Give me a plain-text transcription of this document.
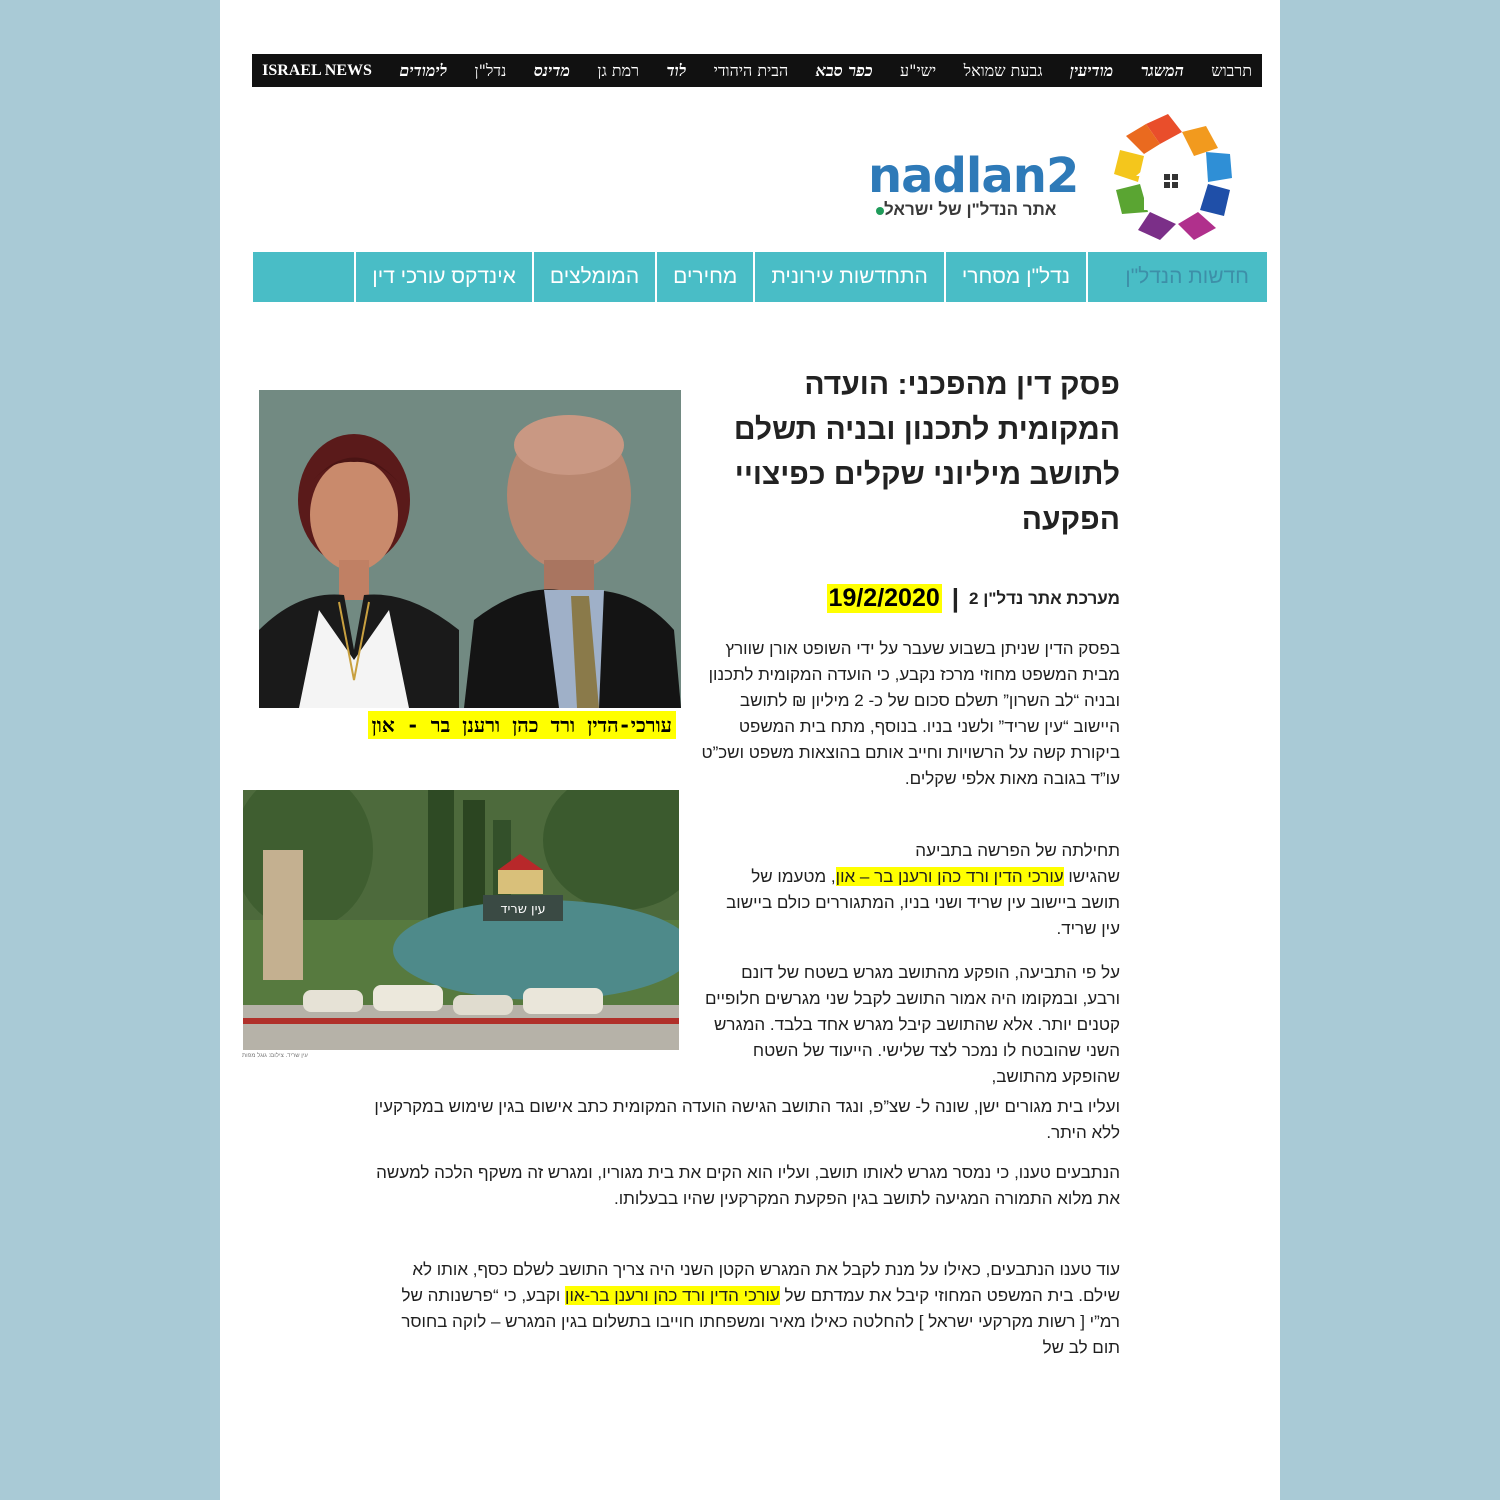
תרבוש
המשגר
מודיעין
גבעת שמואל
ישי"ע
כפר סבא
הבית היהודי
לוד
רמת גן
מדינס
נדל"ן
לימודים
ISRAEL NEWS
nadlan2
אתר הנדל"ן של ישראל
חדשות הנדל"ן
נדל"ן מסחרי
התחדשות עירונית
מחירים
המומלצים
אינדקס עורכי דין
פסק דין מהפכני: הועדה המקומית לתכנון ובניה תשלם לתושב מיליוני שקלים כפיצויי הפקעה
מערכת אתר נדל"ן 2
|
19/2/2020
עורכי-הדין ורד כהן ורענן בר - און
עין שריד
עין שריד. צילום: גוגל מפות

בפסק הדין שניתן בשבוע שעבר על ידי השופט אורן שוורץ מבית המשפט מחוזי מרכז נקבע, כי הועדה המקומית לתכנון ובניה “לב השרון” תשלם סכום של כ- 2 מיליון ₪ לתושב היישוב “עין שריד” ולשני בניו. בנוסף, מתח בית המשפט ביקורת קשה על הרשויות וחייב אותם בהוצאות משפט ושכ”ט עו”ד בגובה מאות אלפי שקלים.

תחילתה של הפרשה בתביעה
שהגישו עורכי הדין ורד כהן ורענן בר – און, מטעמו של תושב ביישוב עין שריד ושני בניו, המתגוררים כולם ביישוב עין שריד.

על פי התביעה, הופקע מהתושב מגרש בשטח של דונם ורבע, ובמקומו היה אמור התושב לקבל שני מגרשים חלופיים קטנים יותר. אלא שהתושב קיבל מגרש אחד בלבד. המגרש השני שהובטח לו נמכר לצד שלישי. הייעוד של השטח שהופקע מהתושב,

ועליו בית מגורים ישן, שונה ל- שצ”פ, ונגד התושב הגישה הועדה המקומית כתב אישום בגין שימוש במקרקעין ללא היתר.

הנתבעים טענו, כי נמסר מגרש לאותו תושב, ועליו הוא הקים את בית מגוריו, ומגרש זה משקף הלכה למעשה את מלוא התמורה המגיעה לתושב בגין הפקעת המקרקעין שהיו בבעלותו.

עוד טענו הנתבעים, כאילו על מנת לקבל את המגרש הקטן השני היה צריך התושב לשלם כסף, אותו לא שילם. בית המשפט המחוזי קיבל את עמדתם של עורכי הדין ורד כהן ורענן בר-און וקבע, כי “פרשנותה של רמ”י [ רשות מקרקעי ישראל ] להחלטה כאילו מאיר ומשפחתו חוייבו בתשלום בגין המגרש – לוקה בחוסר תום לב של
